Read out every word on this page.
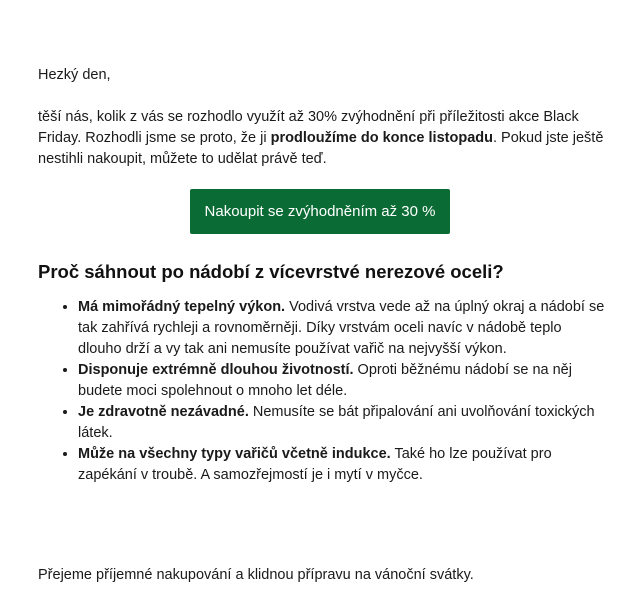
Hezký den,

těší nás, kolik z vás se rozhodlo využít až 30% zvýhodnění při příležitosti akce Black Friday. Rozhodli jsme se proto, že ji prodloužíme do konce listopadu. Pokud jste ještě nestihli nakoupit, můžete to udělat právě teď.

Nakoupit se zvýhodněním až 30 %
Proč sáhnout po nádobí z vícevrstvé nerezové oceli?
• Má mimořádný tepelný výkon. Vodivá vrstva vede až na úplný okraj a nádobí se tak zahřívá rychleji a rovnoměrněji. Díky vrstvám oceli navíc v nádobě teplo dlouho drží a vy tak ani nemusíte používat vařič na nejvyšší výkon.
• Disponuje extrémně dlouhou životností. Oproti běžnému nádobí se na něj budete moci spolehnout o mnoho let déle.
• Je zdravotně nezávadné. Nemusíte se bát připalování ani uvolňování toxických látek.
• Může na všechny typy vařičů včetně indukce. Také ho lze používat pro zapékání v troubě. A samozřejmostí je i mytí v myčce.

Přejeme příjemné nakupování a klidnou přípravu na vánoční svátky.
